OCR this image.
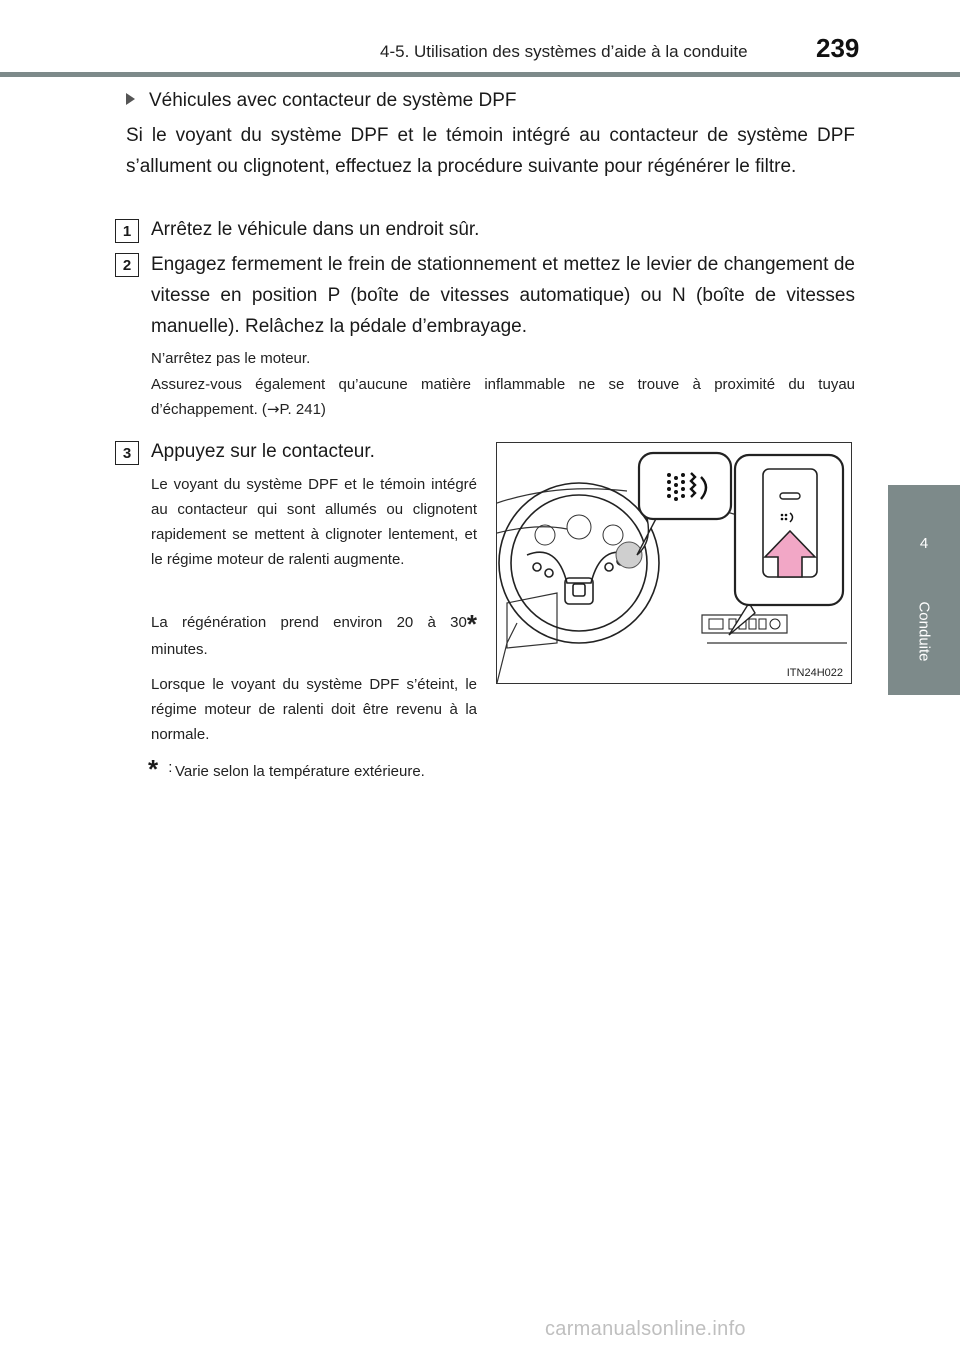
4-5. Utilisation des systèmes d’aide à la conduite	239
4
Conduite
Véhicules avec contacteur de système DPF
Si le voyant du système DPF et le témoin intégré au contacteur de système DPF s’allument ou clignotent, effectuez la procédure suivante pour régénérer le filtre.
1	Arrêtez le véhicule dans un endroit sûr.
2	Engagez fermement le frein de stationnement et mettez le levier de changement de vitesse en position P (boîte de vitesses automatique) ou N (boîte de vitesses manuelle). Relâchez la pédale d’embrayage.
N’arrêtez pas le moteur.
Assurez-vous également qu’aucune matière inflammable ne se trouve à proximité du tuyau d’échappement. (→P. 241)
3	Appuyez sur le contacteur.
Le voyant du système DPF et le témoin intégré au contacteur qui sont allumés ou clignotent rapidement se mettent à clignoter lentement, et le régime moteur de ralenti augmente.
La régénération prend environ 20 à 30* minutes.
Lorsque le voyant du système DPF s’éteint, le régime moteur de ralenti doit être revenu à la normale.
* : Varie selon la température extérieure.
ITN24H022
carmanualsonline.info
